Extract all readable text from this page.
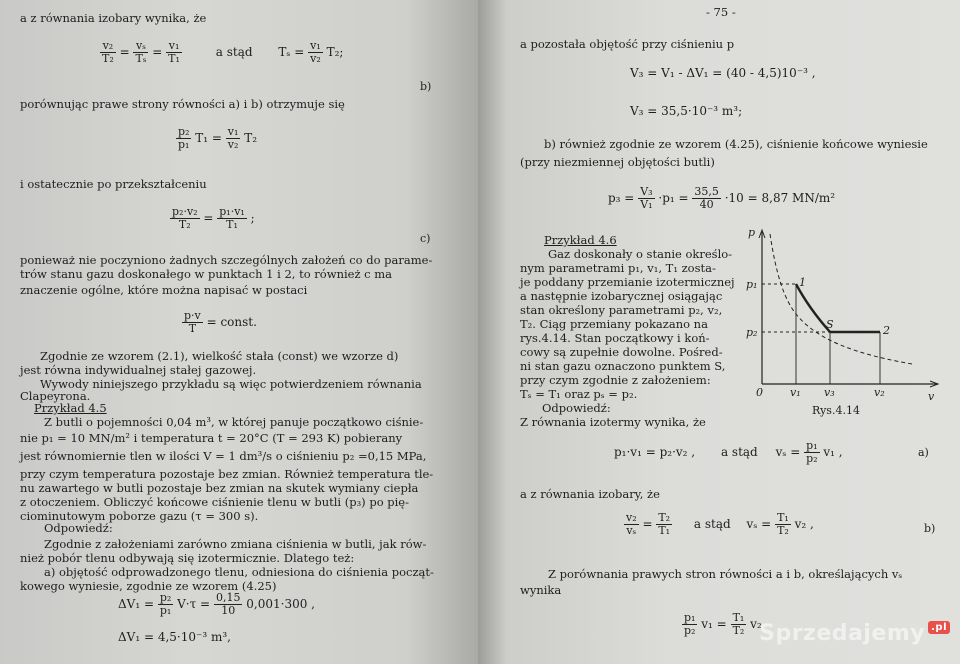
a z równania izobary wynika, że
$\frac{\text{v₂}}{\text{T₂}} = \frac{\text{vₛ}}{\text{Tₛ}} = \frac{\text{v₁}}{\text{T₁}}$	a stąd $T_s = \frac{\text{v₁}}{\text{v₂}} T_2$;
b)
porównując prawe strony równości a) i b) otrzymuje się
$\frac{\text{p₂}}{\text{p₁}} T_1 = \frac{\text{v₁}}{\text{v₂}} T_2$
i ostatecznie po przekształceniu
$\frac{\text{p₂·v₂}}{\text{T₂}} = \frac{\text{p₁·v₁}}{\text{T₁}}$ ;
c)
ponieważ nie poczyniono żadnych szczególnych założeń co do parame-
trów stanu gazu doskonałego w punktach 1 i 2, to również c ma
znaczenie ogólne, które można napisać w postaci
$\frac{p\cdot v}{T}$ = const.
Zgodnie ze wzorem (2.1), wielkość stała (const) we wzorze d)
jest równa indywidualnej stałej gazowej.
Wywody niniejszego przykładu są więc potwierdzeniem równania
Clapeyrona.
Przykład 4.5
Z butli o pojemności 0,04 m³, w której panuje początkowo ciśnie-
nie p₁ = 10 MN/m² i temperatura t = 20°C (T = 293 K) pobierany
jest równomiernie tlen w ilości V = 1 dm³/s o ciśnieniu p₂ =0,15 MPa,
przy czym temperatura pozostaje bez zmian. Również temperatura tle-
nu zawartego w butli pozostaje bez zmian na skutek wymiany ciepła
z otoczeniem. Obliczyć końcowe ciśnienie tlenu w butli (p₃) po pię-
ciominutowym poborze gazu (τ = 300 s).
Odpowiedź:
Zgodnie z założeniami zarówno zmiana ciśnienia w butli, jak rów-
nież pobór tlenu odbywają się izotermicznie. Dlatego też:
a) objętość odprowadzonego tlenu, odniesiona do ciśnienia począt-
kowego wyniesie, zgodnie ze wzorem (4.25)
$\Delta V_1 = \frac{\text{p₂}}{\text{p₁}} V\cdot\tau = \frac{0,15}{10} 0,001\cdot 300$ ,
ΔV₁ = 4,5·10⁻³ m³,
- 75 -
a pozostała objętość przy ciśnieniu p
V₃ = V₁ - ΔV₁ = (40 - 4,5)10⁻³ ,
V₃ = 35,5·10⁻³ m³;
b) również zgodnie ze wzorem (4.25), ciśnienie końcowe wyniesie
(przy niezmiennej objętości butli)
$p_3 = \frac{\text{V₃}}{\text{V₁}} \cdot p_1 = \frac{35,5}{40} \cdot 10 = 8,87$ MN/m²
Przykład 4.6
Gaz doskonały o stanie określo-
nym parametrami p₁, v₁, T₁ zosta-
je poddany przemianie izotermicznej
a następnie izobarycznej osiągając
stan określony parametrami p₂, v₂,
T₂. Ciąg przemiany pokazano na
rys.4.14. Stan początkowy i koń-
cowy są zupełnie dowolne. Pośred-
ni stan gazu oznaczono punktem S,
przy czym zgodnie z założeniem:
Tₛ = T₁ oraz pₛ = p₂.
Odpowiedź:
Z równania izotermy wynika, że
p
v
p₁
p₂
0 v₁ v₃	v₂
1
S	2
Rys.4.14
p₁·v₁ = p₂·v₂ , a stąd $v_s = \frac{\text{p₁}}{\text{p₂}} v_1$ ,	a)
a z równania izobary, że
$\frac{\text{v₂}}{\text{vₛ}} = \frac{\text{T₂}}{\text{T₁}}$ a stąd $v_s = \frac{\text{T₁}}{\text{T₂}} v_2$ ,	b)
Z porównania prawych stron równości a i b, określających vₛ
wynika
$\frac{\text{p₁}}{\text{p₂}} v_1 = \frac{\text{T₁}}{\text{T₂}} v_2$
Sprzedajemy .pl
